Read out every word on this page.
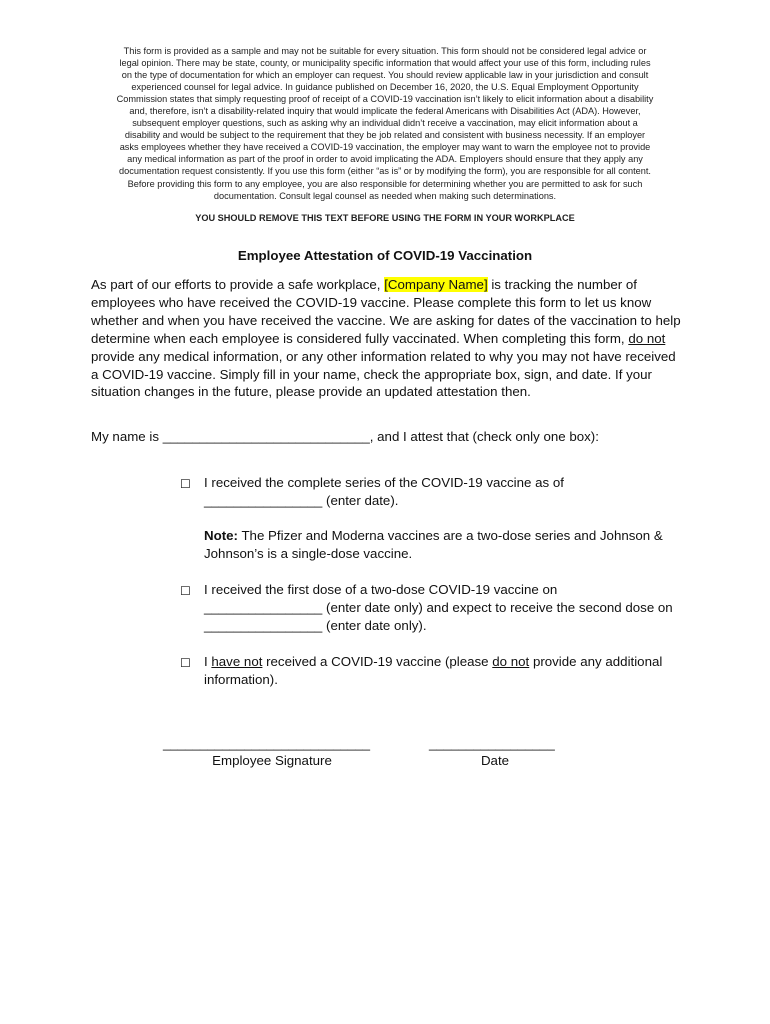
This form is provided as a sample and may not be suitable for every situation. This form should not be considered legal advice or
legal opinion. There may be state, county, or municipality specific information that would affect your use of this form, including rules
on the type of documentation for which an employer can request. You should review applicable law in your jurisdiction and consult
experienced counsel for legal advice. In guidance published on December 16, 2020, the U.S. Equal Employment Opportunity
Commission states that simply requesting proof of receipt of a COVID-19 vaccination isn’t likely to elicit information about a disability
and, therefore, isn’t a disability-related inquiry that would implicate the federal Americans with Disabilities Act (ADA). However,
subsequent employer questions, such as asking why an individual didn’t receive a vaccination, may elicit information about a
disability and would be subject to the requirement that they be job related and consistent with business necessity. If an employer
asks employees whether they have received a COVID-19 vaccination, the employer may want to warn the employee not to provide
any medical information as part of the proof in order to avoid implicating the ADA. Employers should ensure that they apply any
documentation request consistently. If you use this form (either “as is” or by modifying the form), you are responsible for all content.
Before providing this form to any employee, you are also responsible for determining whether you are permitted to ask for such
documentation. Consult legal counsel as needed when making such determinations.
YOU SHOULD REMOVE THIS TEXT BEFORE USING THE FORM IN YOUR WORKPLACE
Employee Attestation of COVID-19 Vaccination
As part of our efforts to provide a safe workplace, [Company Name] is tracking the number of employees who have received the COVID-19 vaccine. Please complete this form to let us know whether and when you have received the vaccine. We are asking for dates of the vaccination to help determine when each employee is considered fully vaccinated. When completing this form, do not provide any medical information, or any other information related to why you may not have received a COVID-19 vaccine. Simply fill in your name, check the appropriate box, sign, and date. If your situation changes in the future, please provide an updated attestation then.
My name is ____________________________, and I attest that (check only one box):
☐ I received the complete series of the COVID-19 vaccine as of
________________ (enter date).
Note: The Pfizer and Moderna vaccines are a two-dose series and Johnson & Johnson’s is a single-dose vaccine.
☐ I received the first dose of a two-dose COVID-19 vaccine on
________________ (enter date only) and expect to receive the second dose on ________________ (enter date only).
☐ I have not received a COVID-19 vaccine (please do not provide any additional information).
____________________________
Employee Signature
_________________
Date
